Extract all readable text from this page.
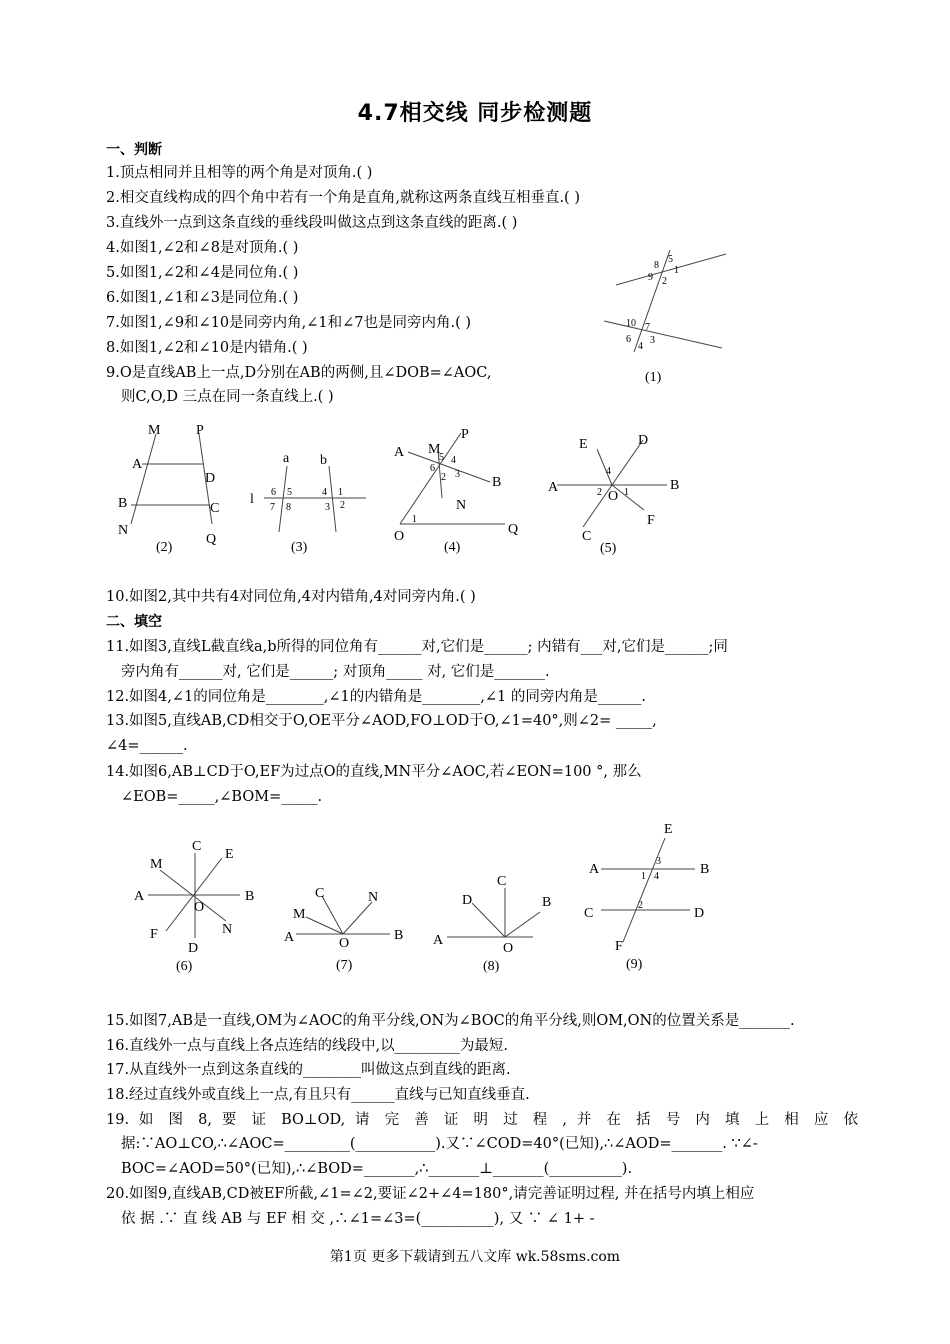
4.7相交线 同步检测题
一、判断
1.顶点相同并且相等的两个角是对顶角.( )
2.相交直线构成的四个角中若有一个角是直角,就称这两条直线互相垂直.( )
3.直线外一点到这条直线的垂线段叫做这点到这条直线的距离.( )
4.如图1,∠2和∠8是对顶角.( )
5.如图1,∠2和∠4是同位角.( )
6.如图1,∠1和∠3是同位角.( )
7.如图1,∠9和∠10是同旁内角,∠1和∠7也是同旁内角.( )
8.如图1,∠2和∠10是内错角.( )
9.O是直线AB上一点,D分别在AB的两侧,且∠DOB=∠AOC,
则C,O,D 三点在同一条直线上.( )
10.如图2,其中共有4对同位角,4对内错角,4对同旁内角.( )
二、填空
11.如图3,直线L截直线a,b所得的同位角有______对,它们是______; 内错有___对,它们是______;同
旁内角有______对, 它们是______; 对顶角_____ 对, 它们是_______.
12.如图4,∠1的同位角是________,∠1的内错角是________,∠1 的同旁内角是______.
13.如图5,直线AB,CD相交于O,OE平分∠AOD,FO⊥OD于O,∠1=40°,则∠2= _____,
∠4=______.
14.如图6,AB⊥CD于O,EF为过点O的直线,MN平分∠AOC,若∠EON=100 °, 那么
∠EOB=_____,∠BOM=_____.
15.如图7,AB是一直线,OM为∠AOC的角平分线,ON为∠BOC的角平分线,则OM,ON的位置关系是_______.
16.直线外一点与直线上各点连结的线段中,以_________为最短.
17.从直线外一点到这条直线的________叫做这点到直线的距离.
18.经过直线外或直线上一点,有且只有______直线与已知直线垂直.
19. 如 图 8, 要 证 BO⊥OD, 请 完 善 证 明 过 程 , 并 在 括 号 内 填 上 相 应 依
据:∵AO⊥CO,∴∠AOC=_________(___________).又∵∠COD=40°(已知),∴∠AOD=_______. ∵∠-
BOC=∠AOD=50°(已知),∴∠BOD=_______,∴_______⊥_______(__________).
20.如图9,直线AB,CD被EF所截,∠1=∠2,要证∠2+∠4=180°,请完善证明过程, 并在括号内填上相应
依 据 .∵ 直 线 AB 与 EF 相 交 ,∴∠1=∠3=(__________), 又 ∵ ∠ 1+ -
8
5
1
9 2
10 7
6
4
3
(1)
M	P
A
D
B	C
N
Q
(2)
a b
l 6 5
7 8
4 1
3 2
(3)
P
A M
5 4
6
3
2	B
N
1
O	Q
(4)
E	D
4
A	2 1	B
O
F
C
(5)
C
E
M
A	B
O
F	N
D
(6)
C	N
M
A	O
B
(7)
C
D	B
A
O
(8)
E
A
3
B
1 4
C
2
D
F
(9)
第1页 更多下载请到五八文库 wk.58sms.com
